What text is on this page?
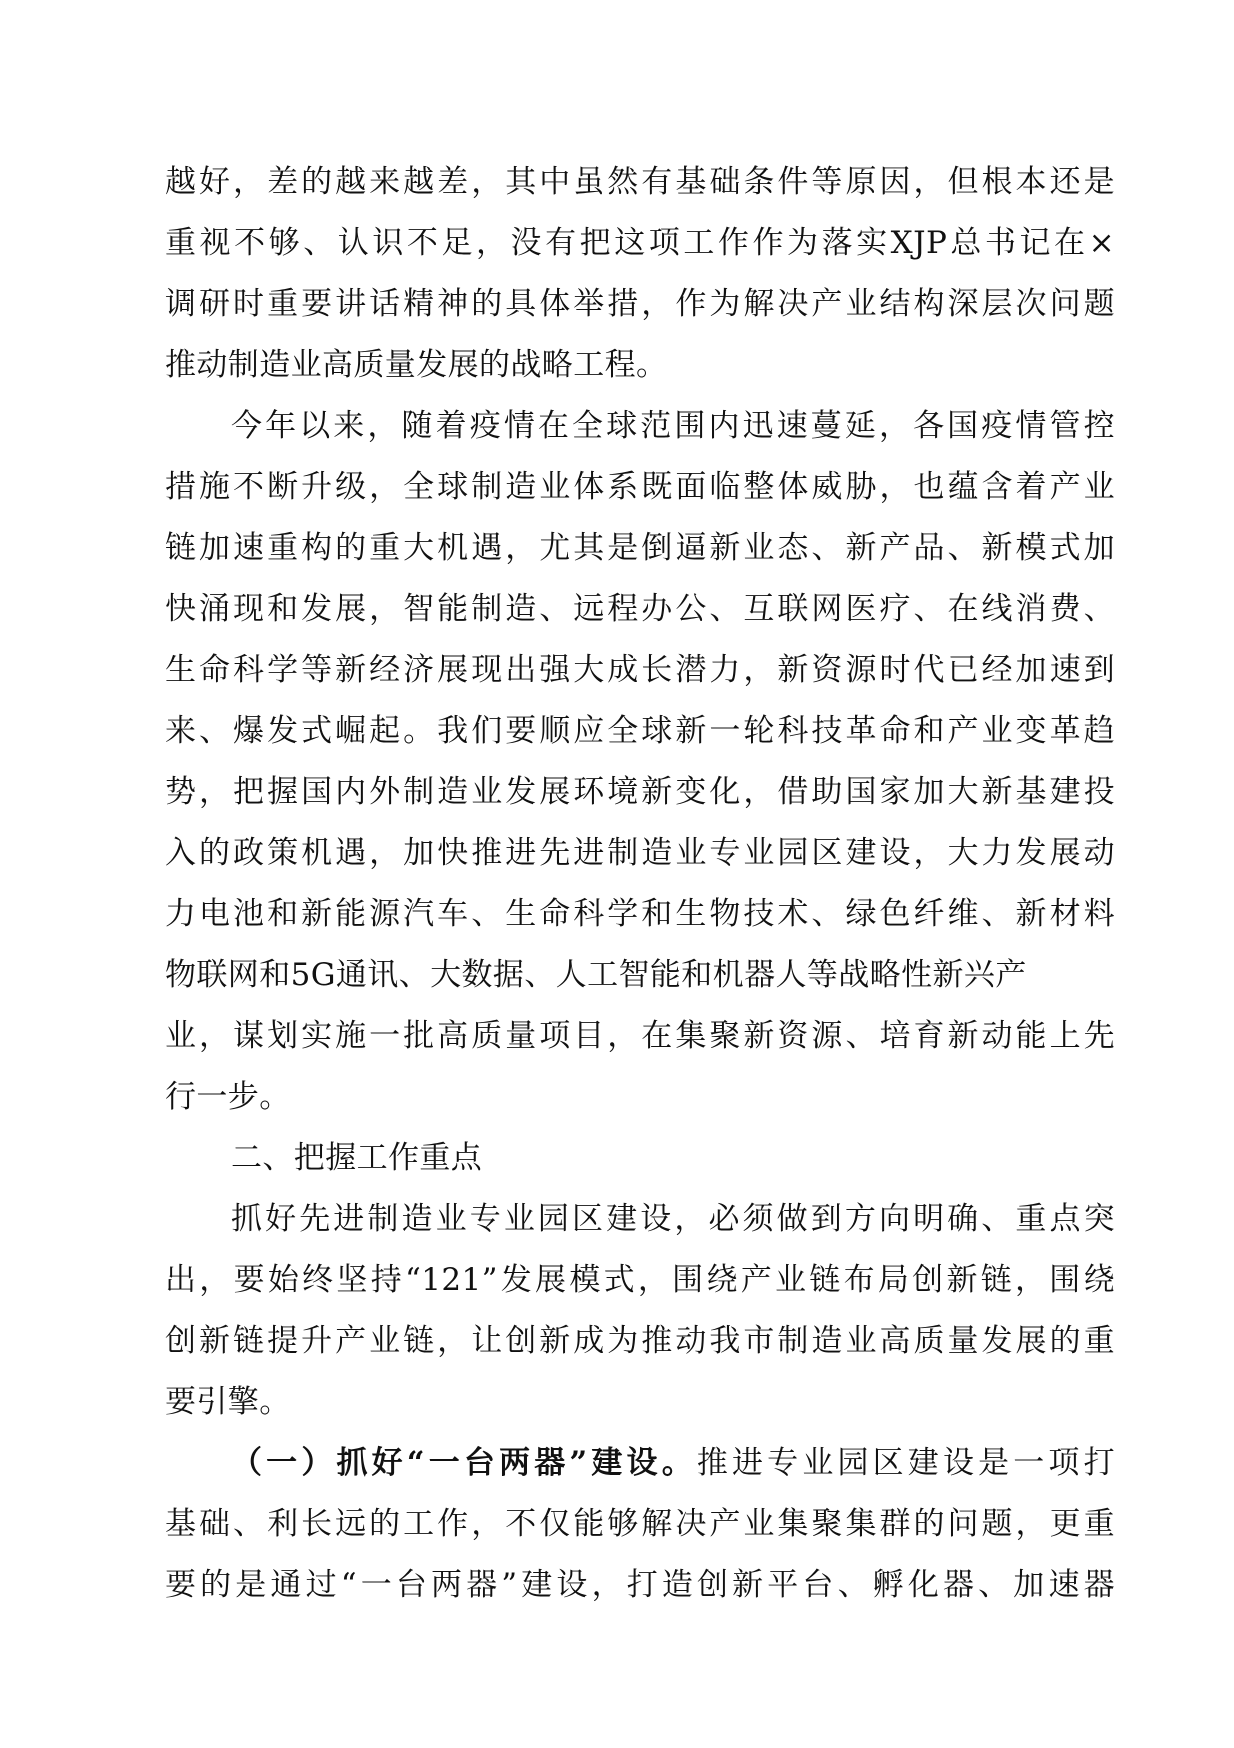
越好，差的越来越差，其中虽然有基础条件等原因，但根本还是
重视不够、认识不足，没有把这项工作作为落实XJP总书记在×
调研时重要讲话精神的具体举措，作为解决产业结构深层次问题
推动制造业高质量发展的战略工程。
今年以来，随着疫情在全球范围内迅速蔓延，各国疫情管控
措施不断升级，全球制造业体系既面临整体威胁，也蕴含着产业
链加速重构的重大机遇，尤其是倒逼新业态、新产品、新模式加
快涌现和发展，智能制造、远程办公、互联网医疗、在线消费、
生命科学等新经济展现出强大成长潜力，新资源时代已经加速到
来、爆发式崛起。我们要顺应全球新一轮科技革命和产业变革趋
势，把握国内外制造业发展环境新变化，借助国家加大新基建投
入的政策机遇，加快推进先进制造业专业园区建设，大力发展动
力电池和新能源汽车、生命科学和生物技术、绿色纤维、新材料
物联网和5G通讯、大数据、人工智能和机器人等战略性新兴产
业，谋划实施一批高质量项目，在集聚新资源、培育新动能上先
行一步。
二、把握工作重点
抓好先进制造业专业园区建设，必须做到方向明确、重点突
出，要始终坚持“121”发展模式，围绕产业链布局创新链，围绕
创新链提升产业链，让创新成为推动我市制造业高质量发展的重
要引擎。
（一）抓好“一台两器”建设。推进专业园区建设是一项打
基础、利长远的工作，不仅能够解决产业集聚集群的问题，更重
要的是通过“一台两器”建设，打造创新平台、孵化器、加速器
